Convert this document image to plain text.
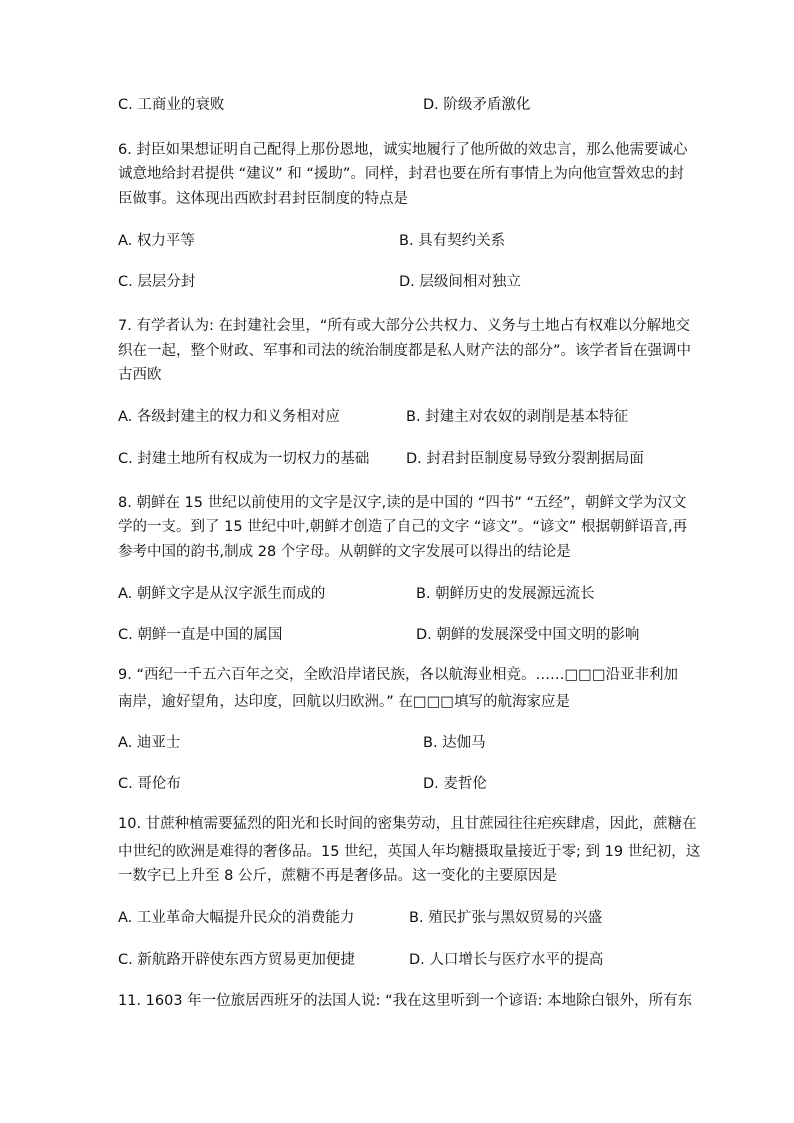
C. 工商业的衰败	D. 阶级矛盾激化
6. 封臣如果想证明自己配得上那份恩地，诚实地履行了他所做的效忠言，那么他需要诚心
诚意地给封君提供 “建议” 和 “援助”。同样，封君也要在所有事情上为向他宣誓效忠的封
臣做事。这体现出西欧封君封臣制度的特点是
A. 权力平等	B. 具有契约关系
C. 层层分封	D. 层级间相对独立
7. 有学者认为: 在封建社会里，“所有或大部分公共权力、义务与土地占有权难以分解地交
织在一起，整个财政、军事和司法的统治制度都是私人财产法的部分”。该学者旨在强调中
古西欧
A. 各级封建主的权力和义务相对应	B. 封建主对农奴的剥削是基本特征
C. 封建土地所有权成为一切权力的基础	D. 封君封臣制度易导致分裂割据局面
8. 朝鲜在 15 世纪以前使用的文字是汉字,读的是中国的 “四书” “五经”，朝鲜文学为汉文
学的一支。到了 15 世纪中叶,朝鲜才创造了自己的文字 “谚文”。“谚文” 根据朝鲜语音,再
参考中国的韵书,制成 28 个字母。从朝鲜的文字发展可以得出的结论是
A. 朝鲜文字是从汉字派生而成的	B. 朝鲜历史的发展源远流长
C. 朝鲜一直是中国的属国	D. 朝鲜的发展深受中国文明的影响
9. “西纪一千五六百年之交，全欧沿岸诸民族，各以航海业相竞。……□□□沿亚非利加
南岸，逾好望角，达印度，回航以归欧洲。” 在□□□填写的航海家应是
A. 迪亚士	B. 达伽马
C. 哥伦布	D. 麦哲伦
10. 甘蔗种植需要猛烈的阳光和长时间的密集劳动，且甘蔗园往往疟疾肆虐，因此，蔗糖在
中世纪的欧洲是难得的奢侈品。15 世纪，英国人年均糖摄取量接近于零; 到 19 世纪初，这
一数字已上升至 8 公斤，蔗糖不再是奢侈品。这一变化的主要原因是
A. 工业革命大幅提升民众的消费能力	B. 殖民扩张与黑奴贸易的兴盛
C. 新航路开辟使东西方贸易更加便捷	D. 人口增长与医疗水平的提高
11. 1603 年一位旅居西班牙的法国人说: “我在这里听到一个谚语: 本地除白银外，所有东
